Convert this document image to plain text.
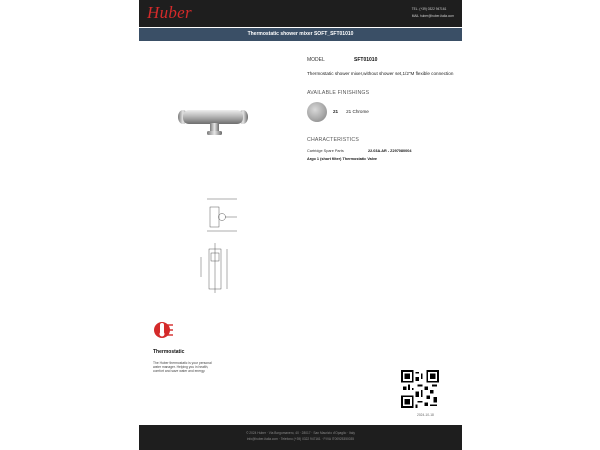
Huber	TEL. (+39) 0322 947161
MAIL huber@huber-italia.com
Thermostatic shower mixer SOFT_SFT01010
MODEL	SFT01010
Thermostatic shower mixer,without shower set,1/2"M flexible connection
AVAILABLE FINISHINGS
21 21 Chrome
CHARACTERISTICS
Cartridge Spare Parts	22.03A.AR - Z297080004
Argo 1 (short filter) Thermostatic Valve
Thermostatic
The Huber thermostatic is your personal water manager. Helping you in health, comfort and save water and energy.
2024-10-18
© 2024 Huber · Via Borgomanero, 40 · 28017 · San Maurizio d'Opaglio · Italy
info@huber-italia.com · Telefono (+39) 0322 947161 · P.IVA IT00925350035
